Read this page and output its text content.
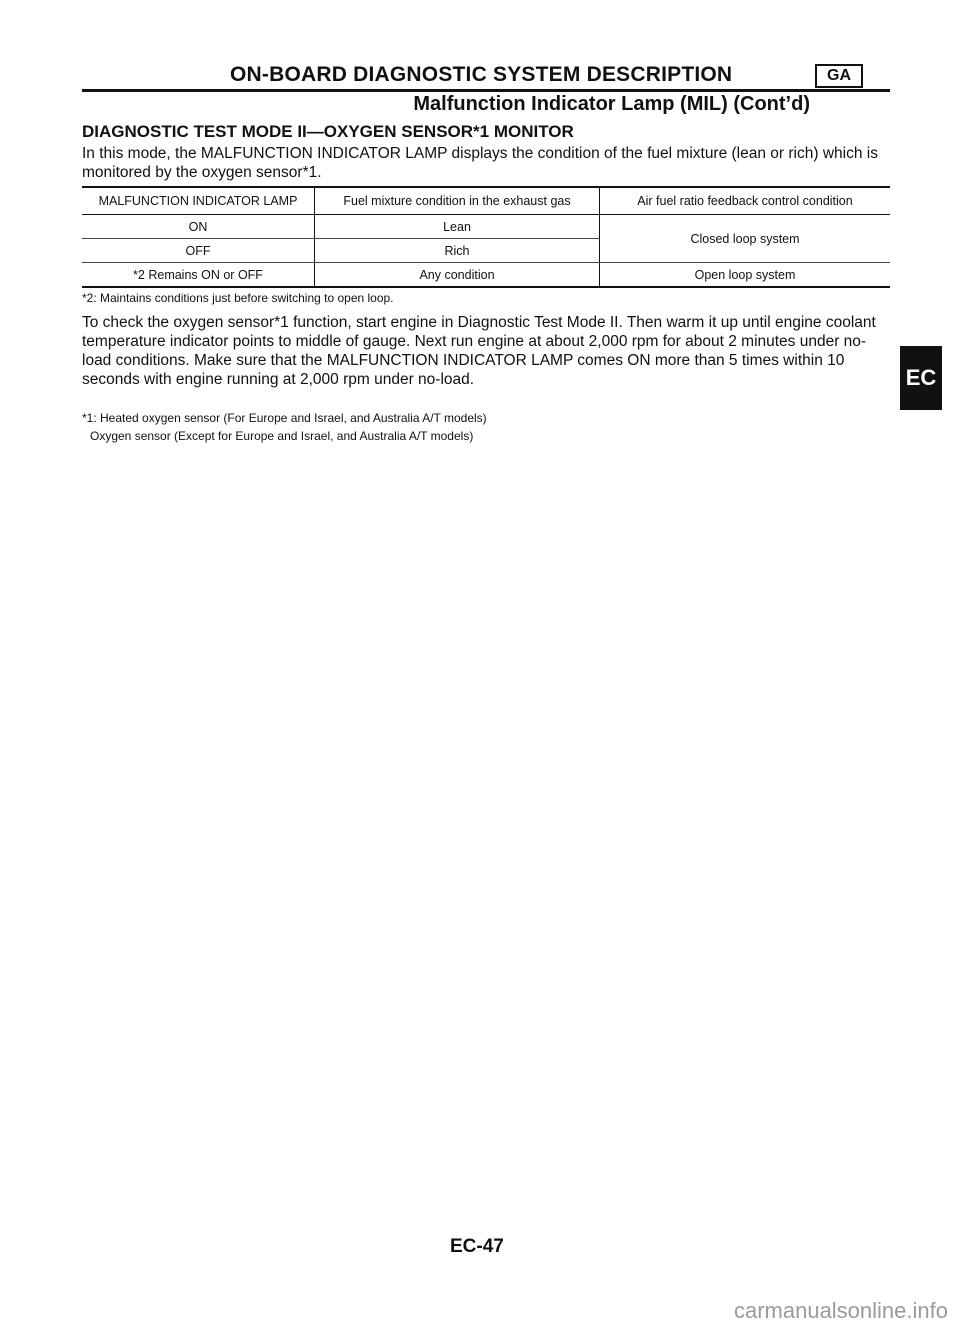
ON-BOARD DIAGNOSTIC SYSTEM DESCRIPTION	GA
Malfunction Indicator Lamp (MIL) (Cont’d)
DIAGNOSTIC TEST MODE II—OXYGEN SENSOR*1 MONITOR

In this mode, the MALFUNCTION INDICATOR LAMP displays the condition of the fuel mixture (lean or rich) which is monitored by the oxygen sensor*1.

MALFUNCTION INDICATOR LAMP	Fuel mixture condition in the exhaust gas	Air fuel ratio feedback control condition
ON	Lean	Closed loop system
OFF	Rich	
*2 Remains ON or OFF	Any condition	Open loop system
*2: Maintains conditions just before switching to open loop.

To check the oxygen sensor*1 function, start engine in Diagnostic Test Mode II. Then warm it up until engine coolant temperature indicator points to middle of gauge. Next run engine at about 2,000 rpm for about 2 minutes under no-load conditions. Make sure that the MALFUNCTION INDICATOR LAMP comes ON more than 5 times within 10 seconds with engine running at 2,000 rpm under no-load.

*1: Heated oxygen sensor (For Europe and Israel, and Australia A/T models)
Oxygen sensor (Except for Europe and Israel, and Australia A/T models)
EC
EC-47
carmanualsonline.info
